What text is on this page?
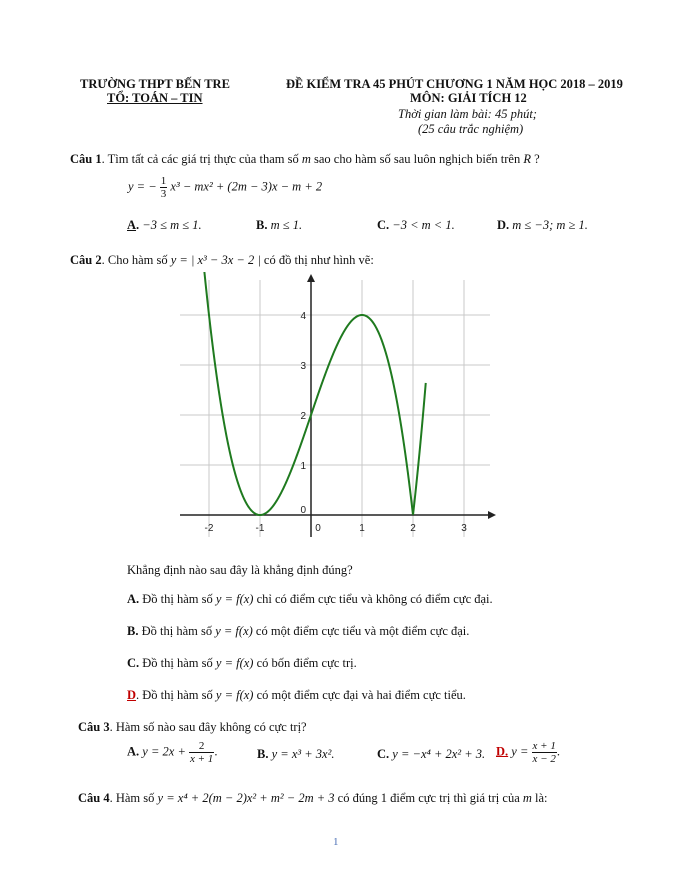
TRƯỜNG THPT BẾN TRE
TỔ: TOÁN – TIN
ĐỀ KIỂM TRA 45 PHÚT CHƯƠNG 1 NĂM HỌC 2018 – 2019
MÔN: GIẢI TÍCH 12
Thời gian làm bài: 45 phút;
(25 câu trắc nghiệm)
Câu 1. Tìm tất cả các giá trị thực của tham số m sao cho hàm số sau luôn nghịch biến trên R ?
y = − $\frac{1}{3} x^3 - mx^2 + (2m - 3)x - m + 2$
A. −3 ≤ m ≤ 1.	B. m ≤ 1.	C. −3 < m < 1.	D. m ≤ −3; m ≥ 1.
Câu 2. Cho hàm số y = | x³ − 3x − 2 | có đồ thị như hình vẽ:
-2	-1	0	1	2	3
1
2
3
4
0
Khẳng định nào sau đây là khẳng định đúng?
A. Đồ thị hàm số y = f(x) chỉ có điểm cực tiểu và không có điểm cực đại.
B. Đồ thị hàm số y = f(x) có một điểm cực tiểu và một điểm cực đại.
C. Đồ thị hàm số y = f(x) có bốn điểm cực trị.
D. Đồ thị hàm số y = f(x) có một điểm cực đại và hai điểm cực tiểu.
Câu 3. Hàm số nào sau đây không có cực trị?
A. $y = 2x + \frac{2}{x + 1}$ .	B. y = x³ + 3x².	C. y = −x⁴ + 2x² + 3. D. $y = \frac{x + 1}{x - 2}$ .
Câu 4. Hàm số y = x⁴ + 2(m − 2)x² + m² − 2m + 3 có đúng 1 điểm cực trị thì giá trị của m là:
1
